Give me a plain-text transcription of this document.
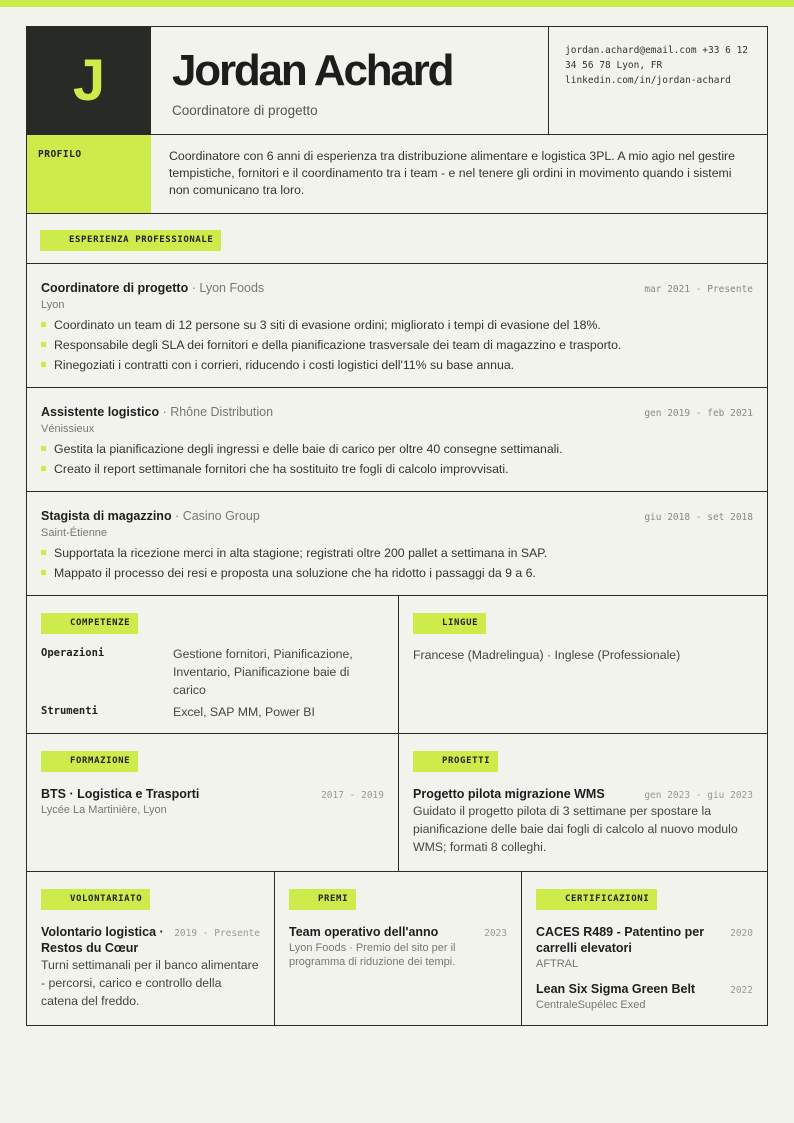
J	Jordan Achard
Coordinatore di progetto
jordan.achard@email.com +33 6 12
34 56 78 Lyon, FR
linkedin.com/in/jordan-achard
PROFILO	Coordinatore con 6 anni di esperienza tra distribuzione alimentare e logistica 3PL. A mio agio nel gestire tempistiche, fornitori e il coordinamento tra i team - e nel tenere gli ordini in movimento quando i sistemi non comunicano tra loro.
ESPERIENZA PROFESSIONALE
Coordinatore di progetto · Lyon Foods	mar 2021 - Presente
Lyon
Coordinato un team di 12 persone su 3 siti di evasione ordini; migliorato i tempi di evasione del 18%.
Responsabile degli SLA dei fornitori e della pianificazione trasversale dei team di magazzino e trasporto.
Rinegoziati i contratti con i corrieri, riducendo i costi logistici dell'11% su base annua.
Assistente logistico · Rhône Distribution	gen 2019 - feb 2021
Vénissieux
Gestita la pianificazione degli ingressi e delle baie di carico per oltre 40 consegne settimanali.
Creato il report settimanale fornitori che ha sostituito tre fogli di calcolo improvvisati.
Stagista di magazzino · Casino Group	giu 2018 - set 2018
Saint-Étienne
Supportata la ricezione merci in alta stagione; registrati oltre 200 pallet a settimana in SAP.
Mappato il processo dei resi e proposta una soluzione che ha ridotto i passaggi da 9 a 6.
COMPETENZE
Operazioni	Gestione fornitori, Pianificazione, Inventario, Pianificazione baie di carico
Strumenti	Excel, SAP MM, Power BI
LINGUE
Francese (Madrelingua) · Inglese (Professionale)
FORMAZIONE
BTS · Logistica e Trasporti	2017 - 2019
Lycée La Martinière, Lyon
PROGETTI
Progetto pilota migrazione WMS	gen 2023 - giu 2023
Guidato il progetto pilota di 3 settimane per spostare la pianificazione delle baie dai fogli di calcolo al nuovo modulo WMS; formati 8 colleghi.
VOLONTARIATO
Volontario logistica · Restos du Cœur
2019 - Presente
Turni settimanali per il banco alimentare - percorsi, carico e controllo della catena del freddo.
PREMI
Team operativo dell'anno	2023
Lyon Foods · Premio del sito per il programma di riduzione dei tempi.
CERTIFICAZIONI
CACES R489 - Patentino per carrelli elevatori
2020
AFTRAL
Lean Six Sigma Green Belt	2022
CentraleSupélec Exed
